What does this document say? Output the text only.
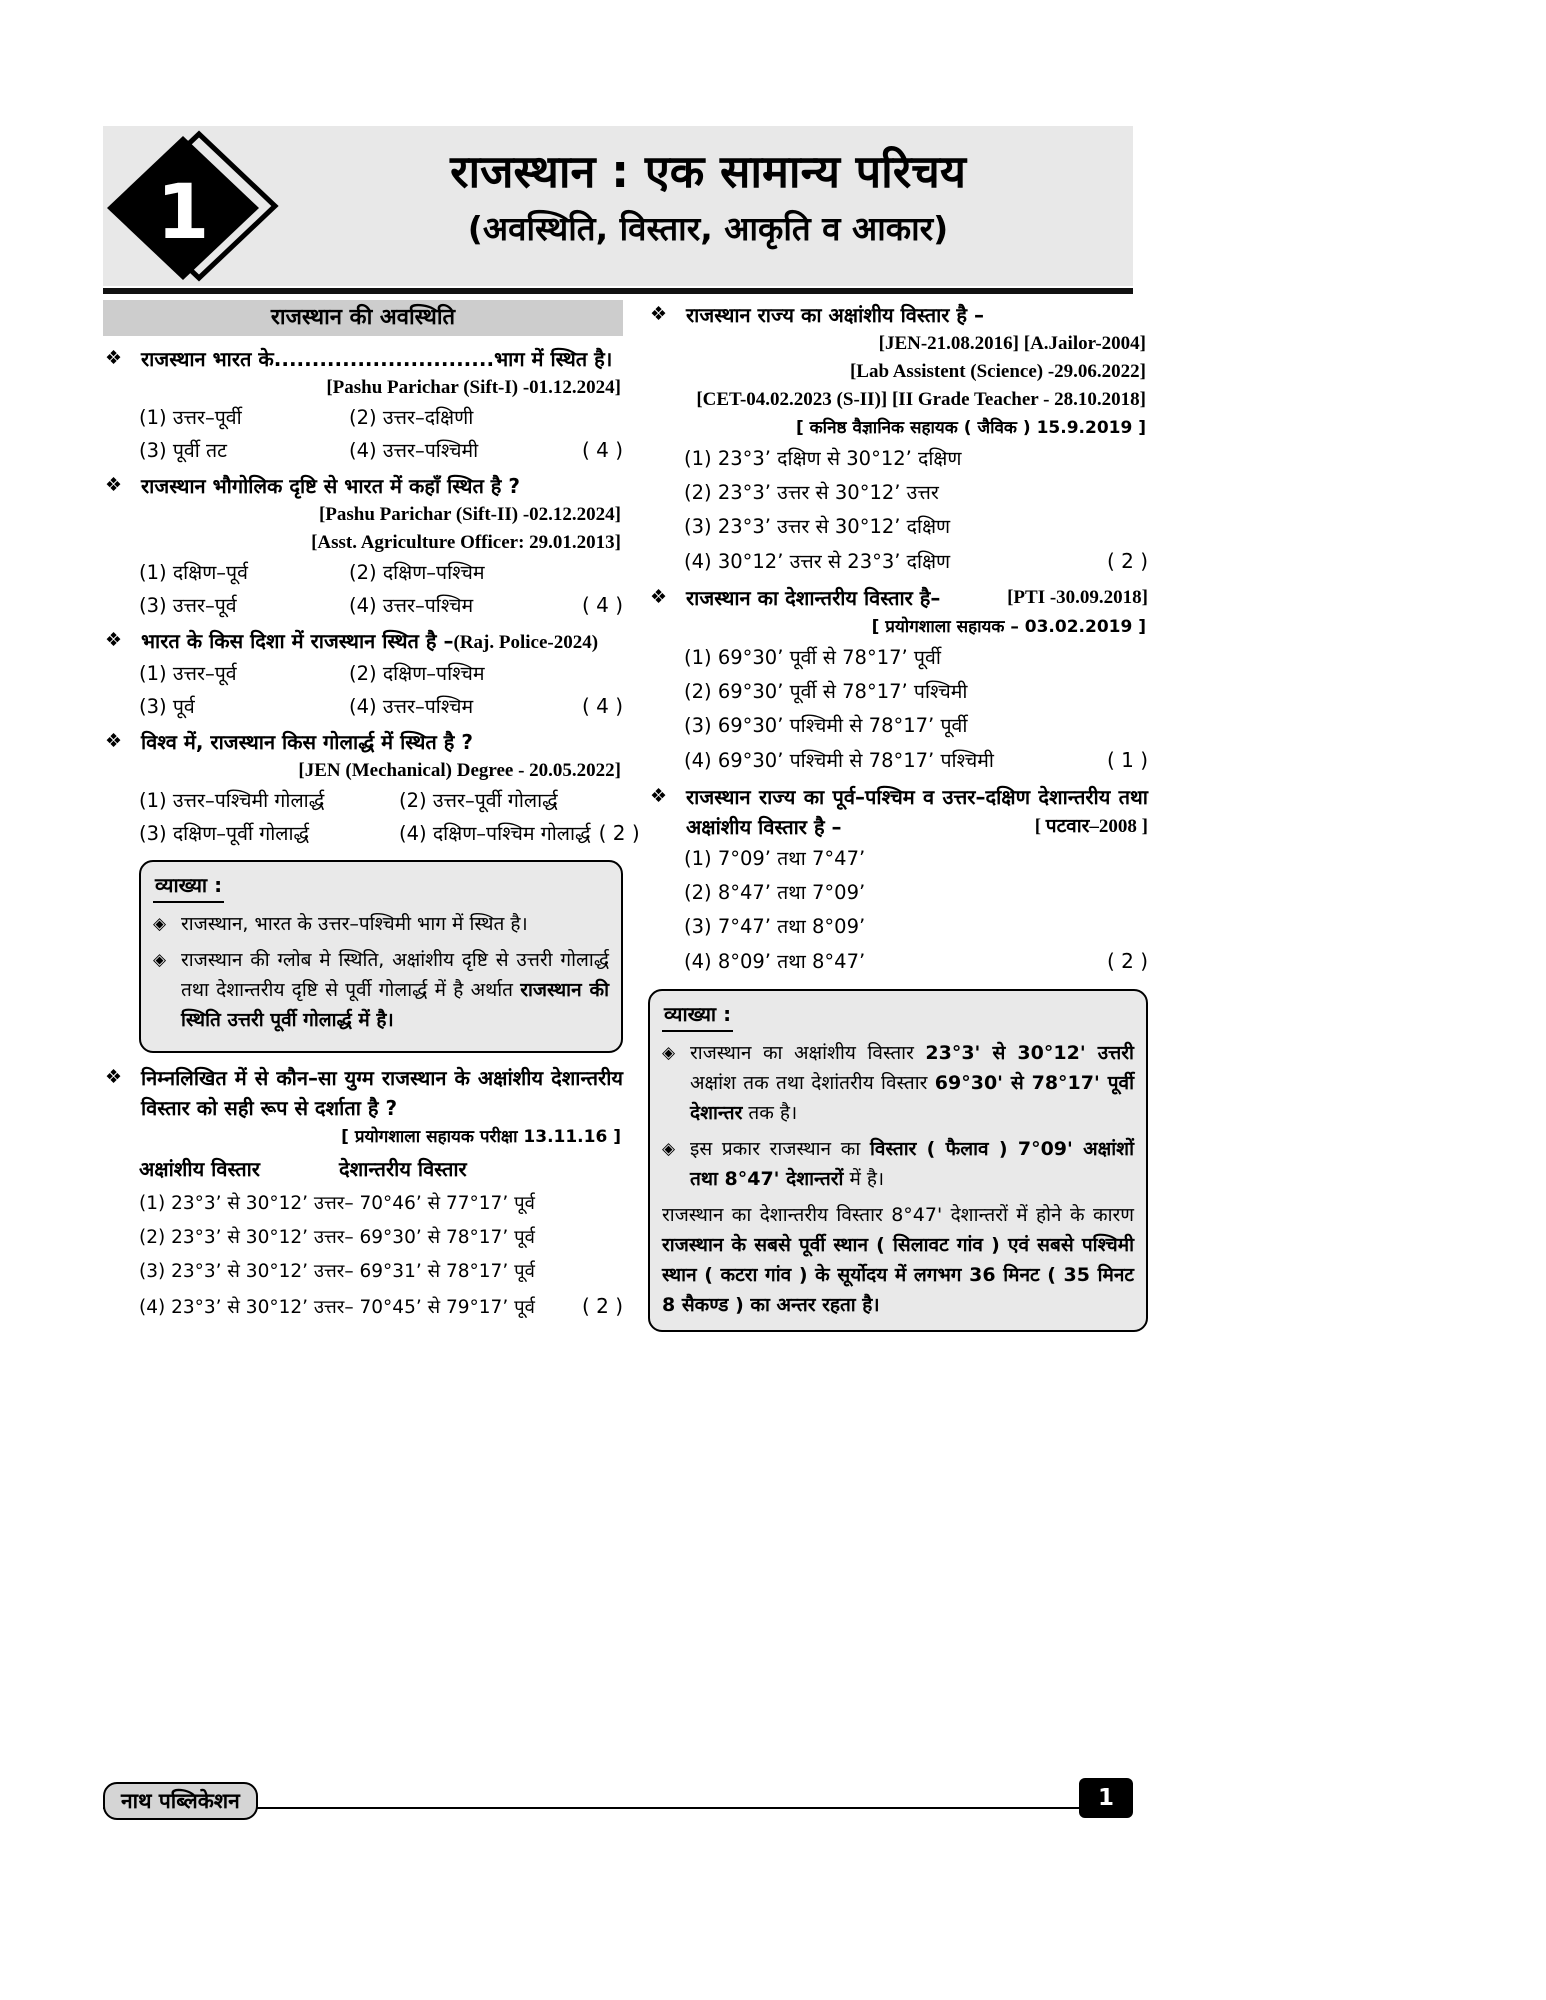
1	राजस्थान : एक सामान्य परिचय
(अवस्थिति, विस्तार, आकृति व आकार)
राजस्थान की अवस्थिति
❖ राजस्थान भारत के.............................भाग में स्थित है।
[Pashu Parichar (Sift-I) -01.12.2024]
(1) उत्तर–पूर्वी	(2) उत्तर–दक्षिणी
(3) पूर्वी तट	(4) उत्तर–पश्चिमी	( 4 )
❖ राजस्थान भौगोलिक दृष्टि से भारत में कहाँ स्थित है ?
[Pashu Parichar (Sift-II) -02.12.2024]
[Asst. Agriculture Officer: 29.01.2013]
(1) दक्षिण–पूर्व	(2) दक्षिण–पश्चिम
(3) उत्तर–पूर्व	(4) उत्तर–पश्चिम	( 4 )
❖ भारत के किस दिशा में राजस्थान स्थित है –(Raj. Police-2024)
(1) उत्तर–पूर्व	(2) दक्षिण–पश्चिम
(3) पूर्व	(4) उत्तर–पश्चिम	( 4 )
❖ विश्व में, राजस्थान किस गोलार्द्ध में स्थित है ?
[JEN (Mechanical) Degree - 20.05.2022]
(1) उत्तर–पश्चिमी गोलार्द्ध	(2) उत्तर–पूर्वी गोलार्द्ध
(3) दक्षिण–पूर्वी गोलार्द्ध	(4) दक्षिण–पश्चिम गोलार्द्ध ( 2 )
व्याख्या :
◈ राजस्थान, भारत के उत्तर–पश्चिमी भाग में स्थित है।
◈ राजस्थान की ग्लोब मे स्थिति, अक्षांशीय दृष्टि से उत्तरी गोलार्द्ध तथा देशान्तरीय दृष्टि से पूर्वी गोलार्द्ध में है अर्थात राजस्थान की स्थिति उत्तरी पूर्वी गोलार्द्ध में है।
❖ निम्नलिखित में से कौन–सा युग्म राजस्थान के अक्षांशीय देशान्तरीय विस्तार को सही रूप से दर्शाता है ?
[ प्रयोगशाला सहायक परीक्षा 13.11.16 ]
अक्षांशीय विस्तार	देशान्तरीय विस्तार
(1) 23°3’ से 30°12’ उत्तर– 70°46’ से 77°17’ पूर्व
(2) 23°3’ से 30°12’ उत्तर– 69°30’ से 78°17’ पूर्व
(3) 23°3’ से 30°12’ उत्तर– 69°31’ से 78°17’ पूर्व
(4) 23°3’ से 30°12’ उत्तर– 70°45’ से 79°17’ पूर्व	( 2 )
❖ राजस्थान राज्य का अक्षांशीय विस्तार है –
[JEN-21.08.2016] [A.Jailor-2004]
[Lab Assistent (Science) -29.06.2022]
[CET-04.02.2023 (S-II)] [II Grade Teacher - 28.10.2018]
[ कनिष्ठ वैज्ञानिक सहायक ( जैविक ) 15.9.2019 ]
(1) 23°3’ दक्षिण से 30°12’ दक्षिण
(2) 23°3’ उत्तर से 30°12’ उत्तर
(3) 23°3’ उत्तर से 30°12’ दक्षिण
(4) 30°12’ उत्तर से 23°3’ दक्षिण	( 2 )
❖ राजस्थान का देशान्तरीय विस्तार है–	[PTI -30.09.2018]
[ प्रयोगशाला सहायक – 03.02.2019 ]
(1) 69°30’ पूर्वी से 78°17’ पूर्वी
(2) 69°30’ पूर्वी से 78°17’ पश्चिमी
(3) 69°30’ पश्चिमी से 78°17’ पूर्वी
(4) 69°30’ पश्चिमी से 78°17’ पश्चिमी	( 1 )
❖ राजस्थान राज्य का पूर्व–पश्चिम व उत्तर–दक्षिण देशान्तरीय तथा अक्षांशीय विस्तार है –	[ पटवार–2008 ]
(1) 7°09’ तथा 7°47’
(2) 8°47’ तथा 7°09’
(3) 7°47’ तथा 8°09’
(4) 8°09’ तथा 8°47’	( 2 )
व्याख्या :
◈ राजस्थान का अक्षांशीय विस्तार 23°3' से 30°12' उत्तरी अक्षांश तक तथा देशांतरीय विस्तार 69°30' से 78°17' पूर्वी देशान्तर तक है।
◈ इस प्रकार राजस्थान का विस्तार ( फैलाव ) 7°09' अक्षांशों तथा 8°47' देशान्तरों में है।
राजस्थान का देशान्तरीय विस्तार 8°47' देशान्तरों में होने के कारण राजस्थान के सबसे पूर्वी स्थान ( सिलावट गांव ) एवं सबसे पश्चिमी स्थान ( कटरा गांव ) के सूर्योदय में लगभग 36 मिनट ( 35 मिनट 8 सैकण्ड ) का अन्तर रहता है।
नाथ पब्लिकेशन	1
